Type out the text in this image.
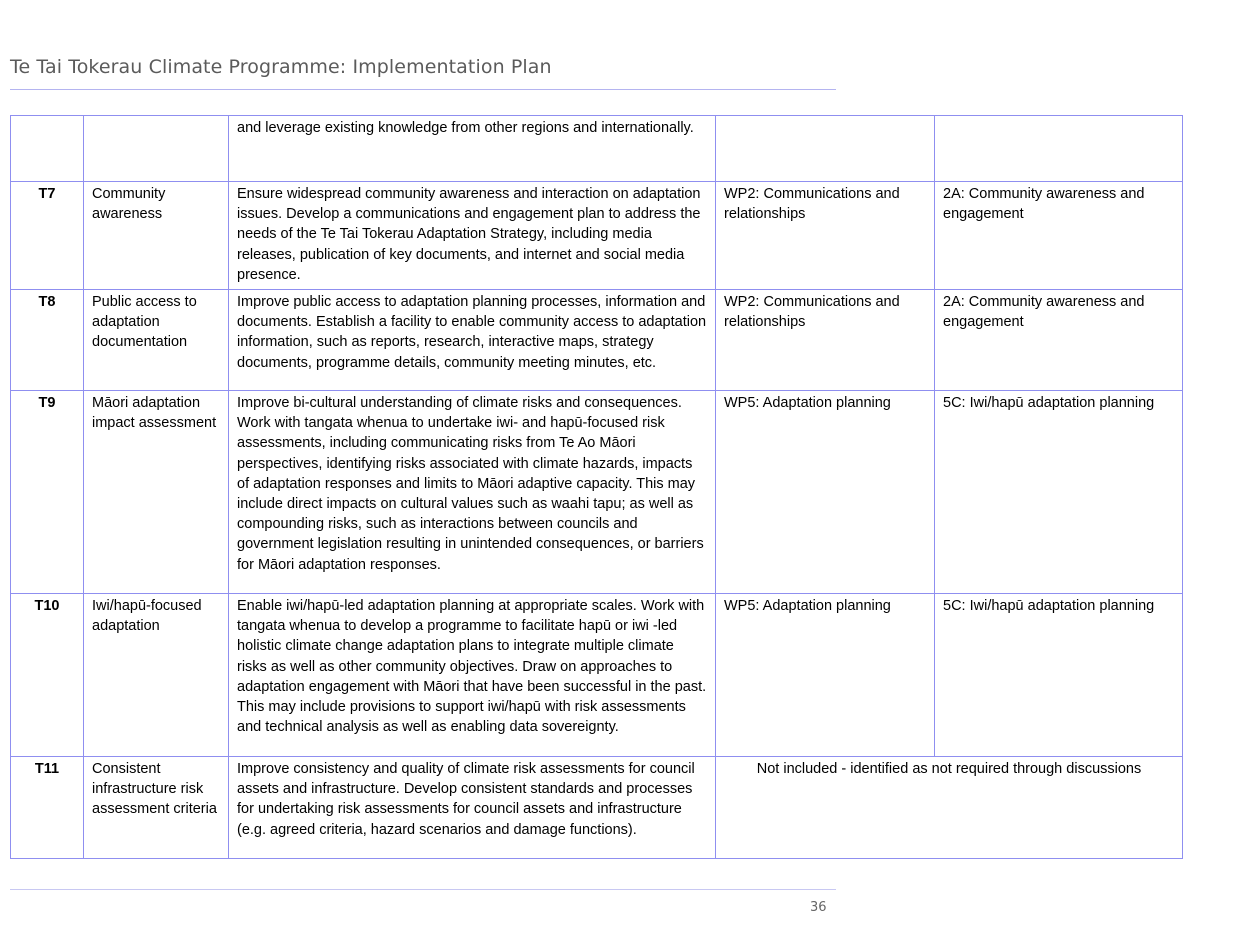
Te Tai Tokerau Climate Programme: Implementation Plan
		and leverage existing knowledge from other regions and internationally.		
T7	Community awareness	Ensure widespread community awareness and interaction on adaptation issues. Develop a communications and engagement plan to address the needs of the Te Tai Tokerau Adaptation Strategy, including media releases, publication of key documents, and internet and social media presence.	WP2: Communications and relationships	2A: Community awareness and engagement
T8	Public access to adaptation documentation	Improve public access to adaptation planning processes, information and documents. Establish a facility to enable community access to adaptation information, such as reports, research, interactive maps, strategy documents, programme details, community meeting minutes, etc.	WP2: Communications and relationships	2A: Community awareness and engagement
T9	Māori adaptation impact assessment	Improve bi-cultural understanding of climate risks and consequences. Work with tangata whenua to undertake iwi- and hapū-focused risk assessments, including communicating risks from Te Ao Māori perspectives, identifying risks associated with climate hazards, impacts of adaptation responses and limits to Māori adaptive capacity. This may include direct impacts on cultural values such as waahi tapu; as well as compounding risks, such as interactions between councils and government legislation resulting in unintended consequences, or barriers for Māori adaptation responses.	WP5: Adaptation planning	5C: Iwi/hapū adaptation planning
T10	Iwi/hapū-focused adaptation	Enable iwi/hapū-led adaptation planning at appropriate scales. Work with tangata whenua to develop a programme to facilitate hapū or iwi -led holistic climate change adaptation plans to integrate multiple climate risks as well as other community objectives. Draw on approaches to adaptation engagement with Māori that have been successful in the past. This may include provisions to support iwi/hapū with risk assessments and technical analysis as well as enabling data sovereignty.	WP5: Adaptation planning	5C: Iwi/hapū adaptation planning
T11	Consistent infrastructure risk assessment criteria	Improve consistency and quality of climate risk assessments for council assets and infrastructure. Develop consistent standards and processes for undertaking risk assessments for council assets and infrastructure (e.g. agreed criteria, hazard scenarios and damage functions).	Not included - identified as not required through discussions	
36
